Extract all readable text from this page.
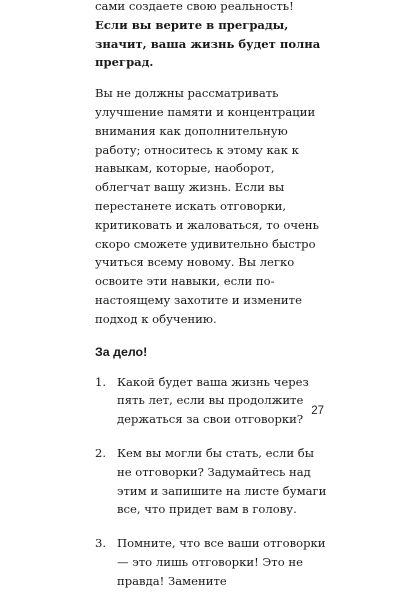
сами создаете свою реальность! Если вы верите в преграды, значит, ваша жизнь будет полна преград.

Вы не должны рассматривать улучшение памяти и концентрации внимания как дополнительную работу; относитесь к этому как к навыкам, которые, наоборот, облегчат вашу жизнь. Если вы перестанете искать отговорки, критиковать и жаловаться, то очень скоро сможете удивительно быстро учиться всему новому. Вы легко освоите эти навыки, если по-настоящему захотите и измените подход к обучению.

За дело!
1. Какой будет ваша жизнь через пять лет, если вы продолжите держаться за свои отговорки?
2. Кем вы могли бы стать, если бы не отговорки? Задумайтесь над этим и запишите на листе бумаги все, что придет вам в голову.
3. Помните, что все ваши отговорки — это лишь отговорки! Это не правда! Замените
27
